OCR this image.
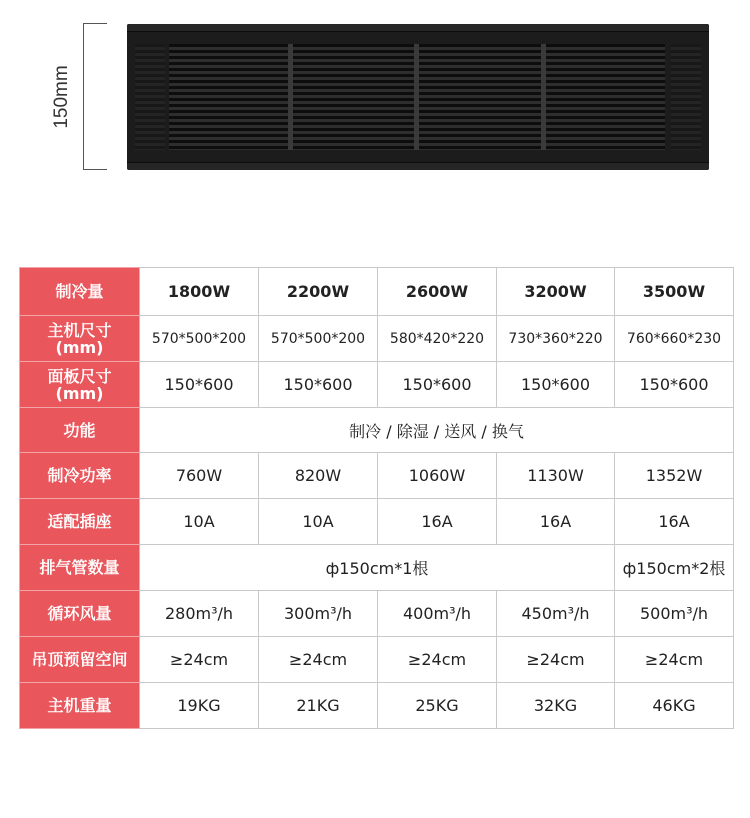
150mm
制冷量	1800W	2200W	2600W	3200W	3500W

主机尺寸
(mm)	570*500*200	570*500*200	580*420*220	730*360*220	760*660*230

面板尺寸
(mm)	150*600	150*600	150*600	150*600	150*600
功能	制冷 / 除湿 / 送风 / 换气				
制冷功率	760W	820W	1060W	1130W	1352W
适配插座	10A	10A	16A	16A	16A
排气管数量	ф150cm*1根				ф150cm*2根
循环风量	280m³/h	300m³/h	400m³/h	450m³/h	500m³/h
吊顶预留空间	≥24cm	≥24cm	≥24cm	≥24cm	≥24cm
主机重量	19KG	21KG	25KG	32KG	46KG
